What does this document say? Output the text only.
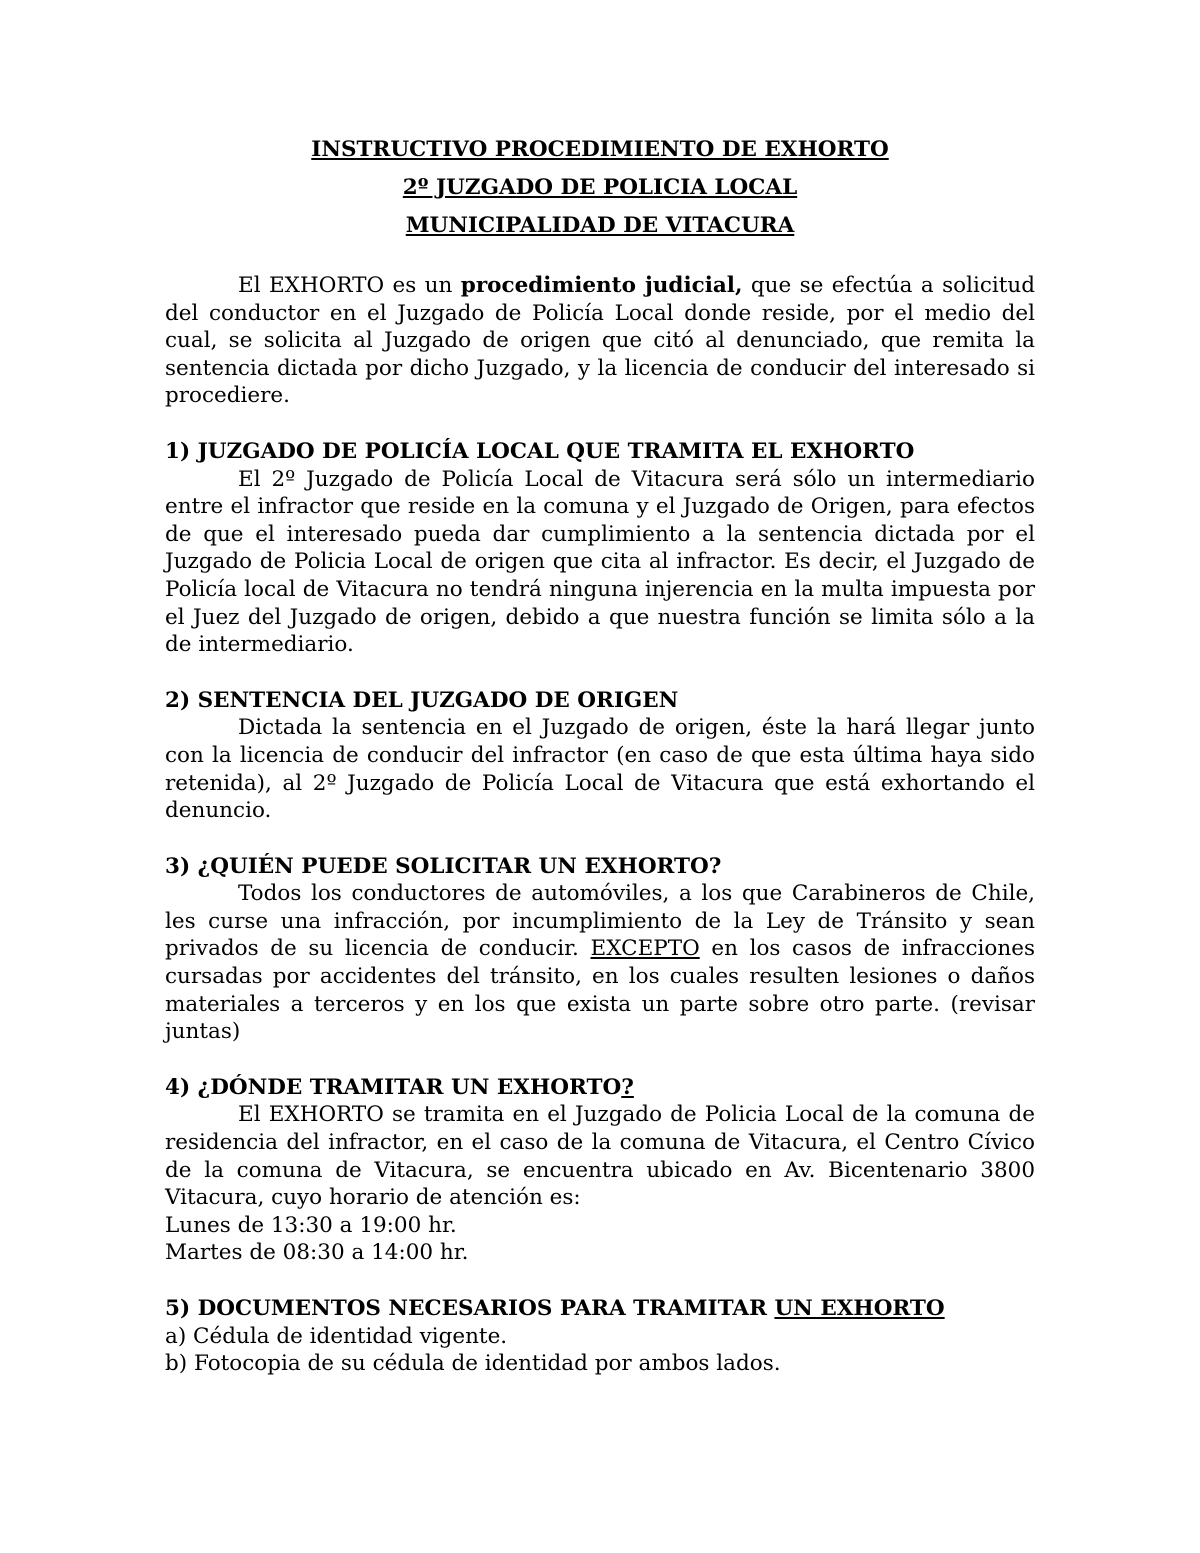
INSTRUCTIVO PROCEDIMIENTO DE EXHORTO

2º JUZGADO DE POLICIA LOCAL

MUNICIPALIDAD DE VITACURA

El EXHORTO es un procedimiento judicial, que se efectúa a solicitud del conductor en el Juzgado de Policía Local donde reside, por el medio del cual, se solicita al Juzgado de origen que citó al denunciado, que remita la sentencia dictada por dicho Juzgado, y la licencia de conducir del interesado si procediere.

1) JUZGADO DE POLICÍA LOCAL QUE TRAMITA EL EXHORTO

El 2º Juzgado de Policía Local de Vitacura será sólo un intermediario entre el infractor que reside en la comuna y el Juzgado de Origen, para efectos de que el interesado pueda dar cumplimiento a la sentencia dictada por el Juzgado de Policia Local de origen que cita al infractor. Es decir, el Juzgado de Policía local de Vitacura no tendrá ninguna injerencia en la multa impuesta por el Juez del Juzgado de origen, debido a que nuestra función se limita sólo a la de intermediario.

2) SENTENCIA DEL JUZGADO DE ORIGEN

Dictada la sentencia en el Juzgado de origen, éste la hará llegar junto con la licencia de conducir del infractor (en caso de que esta última haya sido retenida), al 2º Juzgado de Policía Local de Vitacura que está exhortando el denuncio.

3) ¿QUIÉN PUEDE SOLICITAR UN EXHORTO?

Todos los conductores de automóviles, a los que Carabineros de Chile, les curse una infracción, por incumplimiento de la Ley de Tránsito y sean privados de su licencia de conducir. EXCEPTO en los casos de infracciones cursadas por accidentes del tránsito, en los cuales resulten lesiones o daños materiales a terceros y en los que exista un parte sobre otro parte. (revisar juntas)

4) ¿DÓNDE TRAMITAR UN EXHORTO?

El EXHORTO se tramita en el Juzgado de Policia Local de la comuna de residencia del infractor, en el caso de la comuna de Vitacura, el Centro Cívico de la comuna de Vitacura, se encuentra ubicado en Av. Bicentenario 3800 Vitacura, cuyo horario de atención es:

Lunes de 13:30 a 19:00 hr.

Martes de 08:30 a 14:00 hr.

5) DOCUMENTOS NECESARIOS PARA TRAMITAR UN EXHORTO

a) Cédula de identidad vigente.

b) Fotocopia de su cédula de identidad por ambos lados.
